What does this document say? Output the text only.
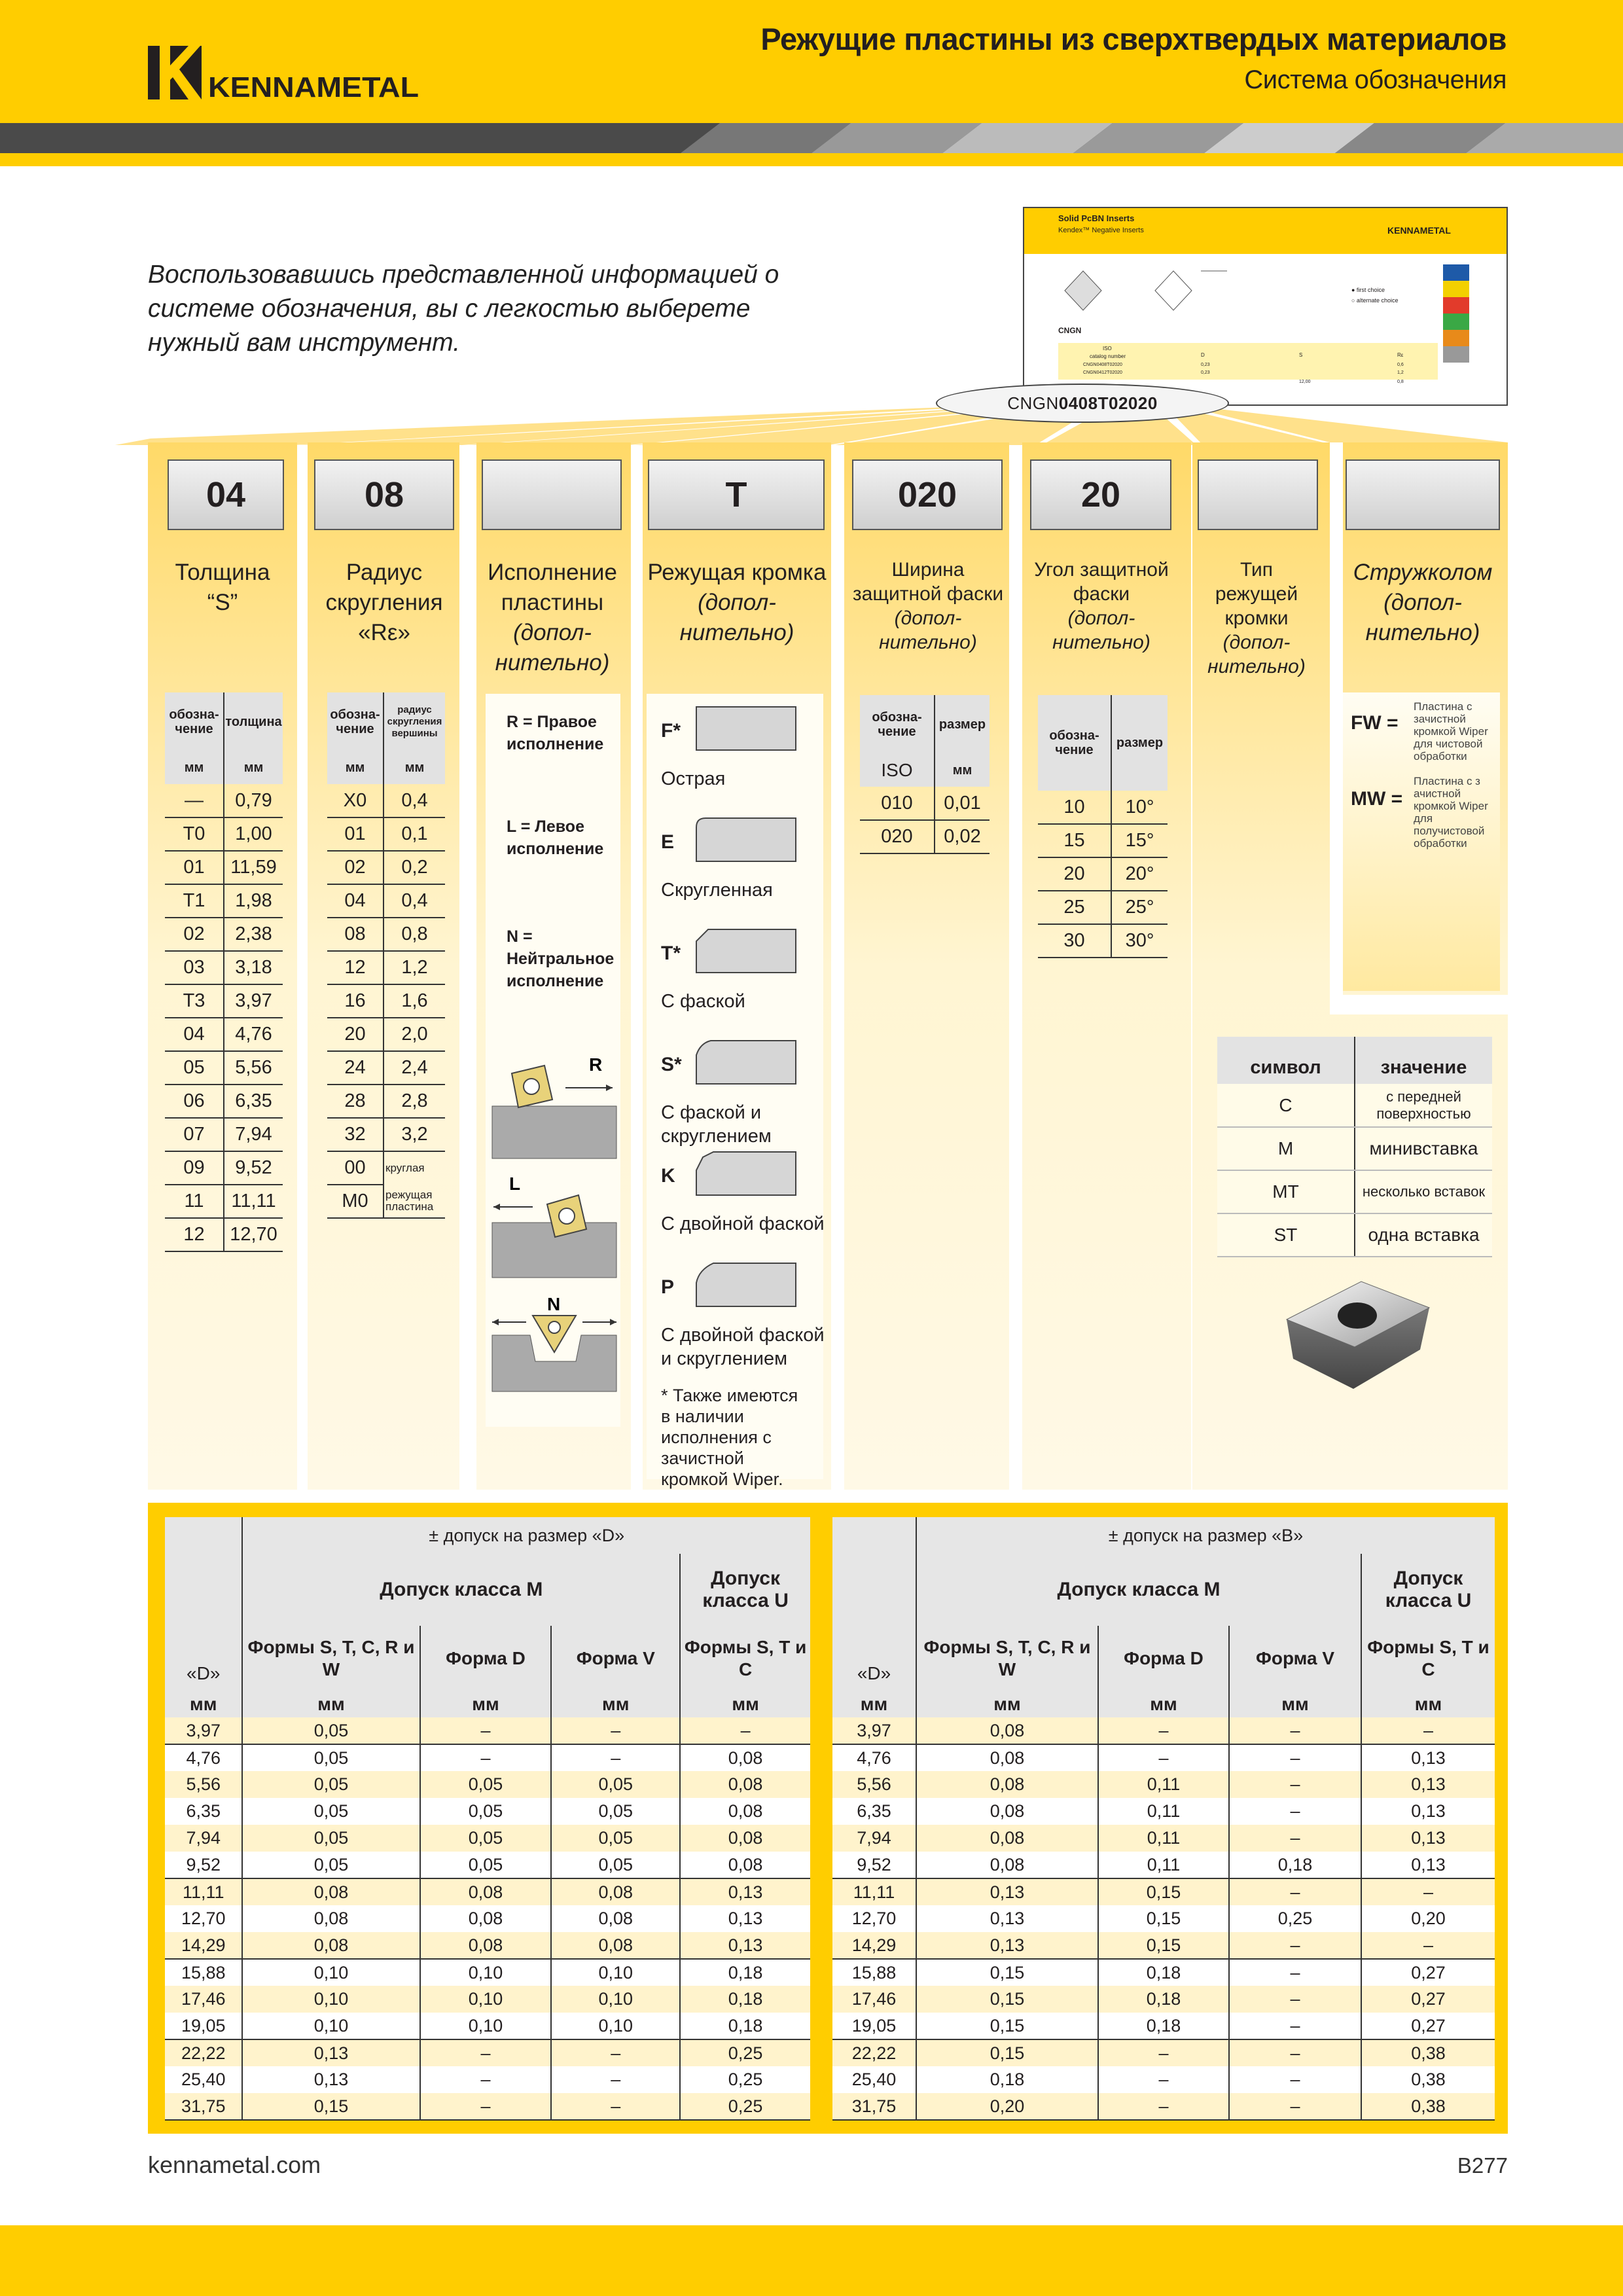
KENNAMETAL
Режущие пластины из сверхтвердых материалов
Система обозначения
Воспользовавшись представленной информацией о системе обозначения, вы с легкостью выберете нужный вам инструмент.
Solid PcBN Inserts
Kendex™ Negative Inserts	KENNAMETAL
● first choice
○ alternate choice
CNGN
ISO
catalog number	D	S	Rε
CNGN0408T02020	0,23	0,6
CNGN0412T02020	0,23	1,2
12,00	0,8
CNGN0408T02020
04	08	T	020	20
Толщина
“S”
Радиус скругления
«Rε»
Исполнение пластины
(допол- нительно)
Режущая кромка
(допол- нительно)
Ширина защитной фаски
(допол- нительно)
Угол защитной фаски
(допол- нительно)
Тип режущей кромки
(допол- нительно)
Стружколом
(допол- нительно)
обозна- чение	толщина
мм	мм
—	0,79
T0	1,00
01	11,59
T1	1,98
02	2,38
03	3,18
T3	3,97
04	4,76
05	5,56
06	6,35
07	7,94
09	9,52
11	11,11
12	12,70
обозна- чение	радиус скругления вершины
мм	мм
X0	0,4
01	0,1
02	0,2
04	0,4
08	0,8
12	1,2
16	1,6
20	2,0
24	2,4
28	2,8
32	3,2
00	круглая
M0	режущая пластина
R = Правое исполнение
L = Левое исполнение
N = Нейтральное исполнение
R
L
N
F*
Острая
E
Скругленная
T*
С фаской
S*
С фаской и скруглением
K
С двойной фаской
P
С двойной фаской и скруглением
* Также имеются в наличии исполнения с зачистной кромкой Wiper.
обозна- чение	размер
ISO	мм
010	0,01
020	0,02
обозна- чение	размер
10	10°
15	15°
20	20°
25	25°
30	30°
FW =
Пластина с зачистной кромкой Wiper для чистовой обработки
MW =
Пластина с з ачистной кромкой Wiper для получистовой обработки
символ	значение
C	с передней поверхностью
M	минивставка
MT	несколько вставок
ST	одна вставка
«D»	± допуск на размер «D»			
	Допуск класса M			Допуск класса U
	Формы S, T, C, R и W	Форма D	Форма V	Формы S, T и C
мм	мм	мм	мм	мм
3,97	0,05	–	–	–
4,76	0,05	–	–	0,08
5,56	0,05	0,05	0,05	0,08
6,35	0,05	0,05	0,05	0,08
7,94	0,05	0,05	0,05	0,08
9,52	0,05	0,05	0,05	0,08
11,11	0,08	0,08	0,08	0,13
12,70	0,08	0,08	0,08	0,13
14,29	0,08	0,08	0,08	0,13
15,88	0,10	0,10	0,10	0,18
17,46	0,10	0,10	0,10	0,18
19,05	0,10	0,10	0,10	0,18
22,22	0,13	–	–	0,25
25,40	0,13	–	–	0,25
31,75	0,15	–	–	0,25
«D»	± допуск на размер «B»			
	Допуск класса M			Допуск класса U
	Формы S, T, C, R и W	Форма D	Форма V	Формы S, T и C
мм	мм	мм	мм	мм
3,97	0,08	–	–	–
4,76	0,08	–	–	0,13
5,56	0,08	0,11	–	0,13
6,35	0,08	0,11	–	0,13
7,94	0,08	0,11	–	0,13
9,52	0,08	0,11	0,18	0,13
11,11	0,13	0,15	–	–
12,70	0,13	0,15	0,25	0,20
14,29	0,13	0,15	–	–
15,88	0,15	0,18	–	0,27
17,46	0,15	0,18	–	0,27
19,05	0,15	0,18	–	0,27
22,22	0,15	–	–	0,38
25,40	0,18	–	–	0,38
31,75	0,20	–	–	0,38
kennametal.com	B277
